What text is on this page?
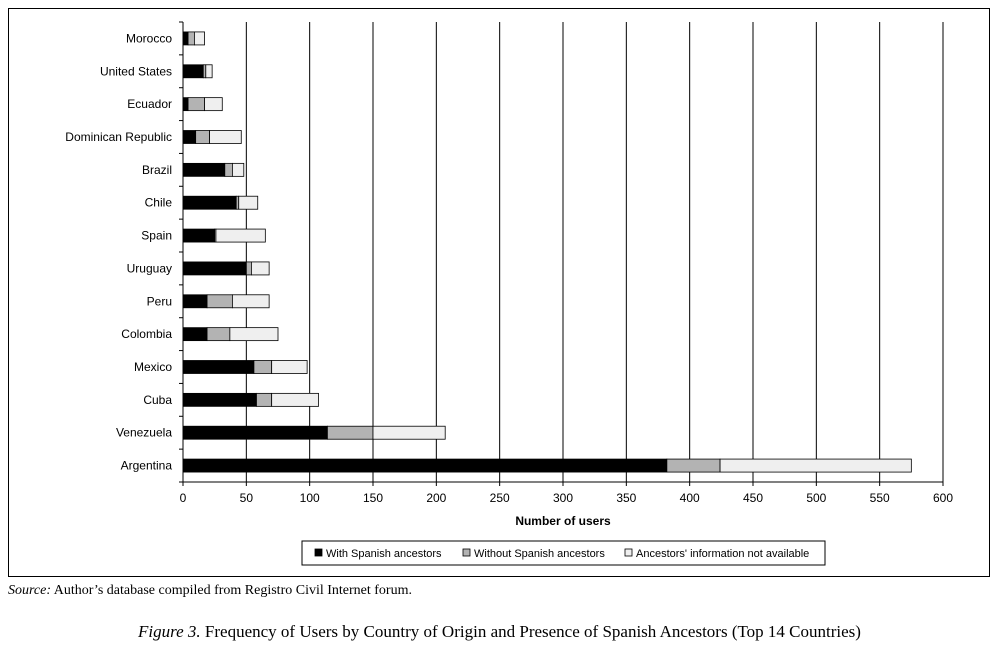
0	50	100	150	200	250	300	350	400	450	500	550	600
Morocco
United States
Ecuador
Dominican Republic
Brazil
Chile
Spain
Uruguay
Peru
Colombia
Mexico
Cuba
Venezuela
Argentina
Number of users
With Spanish ancestors	Without Spanish ancestors	Ancestors' information not available
Source: Author’s database compiled from Registro Civil Internet forum.
Figure 3. Frequency of Users by Country of Origin and Presence of Spanish Ancestors (Top 14 Countries)
